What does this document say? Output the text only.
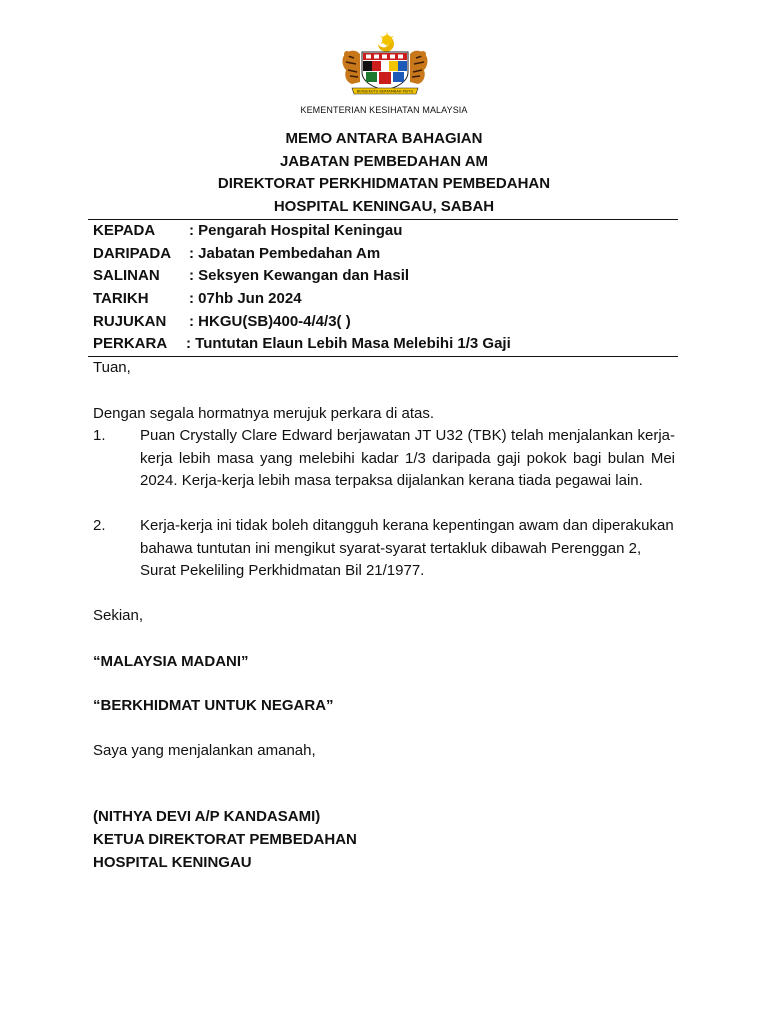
BERSEKUTU BERTAMBAH MUTU
KEMENTERIAN KESIHATAN MALAYSIA
MEMO ANTARA BAHAGIAN
JABATAN PEMBEDAHAN AM
DIREKTORAT PERKHIDMATAN PEMBEDAHAN
HOSPITAL KENINGAU, SABAH
KEPADA : Pengarah Hospital Keningau
DARIPADA : Jabatan Pembedahan Am
SALINAN : Seksyen Kewangan dan Hasil
TARIKH	: 07hb Jun 2024
RUJUKAN : HKGU(SB)400-4/4/3( )
PERKARA : Tuntutan Elaun Lebih Masa Melebihi 1/3 Gaji
Tuan,
Dengan segala hormatnya merujuk perkara di atas.
1. Puan Crystally Clare Edward berjawatan JT U32 (TBK) telah menjalankan kerja-kerja lebih masa yang melebihi kadar 1/3 daripada gaji pokok bagi bulan Mei 2024. Kerja-kerja lebih masa terpaksa dijalankan kerana tiada pegawai lain.
2. Kerja-kerja ini tidak boleh ditangguh kerana kepentingan awam dan diperakukan bahawa tuntutan ini mengikut syarat-syarat tertakluk dibawah Perenggan 2, Surat Pekeliling Perkhidmatan Bil 21/1977.
Sekian,
“MALAYSIA MADANI”
“BERKHIDMAT UNTUK NEGARA”
Saya yang menjalankan amanah,
(NITHYA DEVI A/P KANDASAMI)
KETUA DIREKTORAT PEMBEDAHAN
HOSPITAL KENINGAU
